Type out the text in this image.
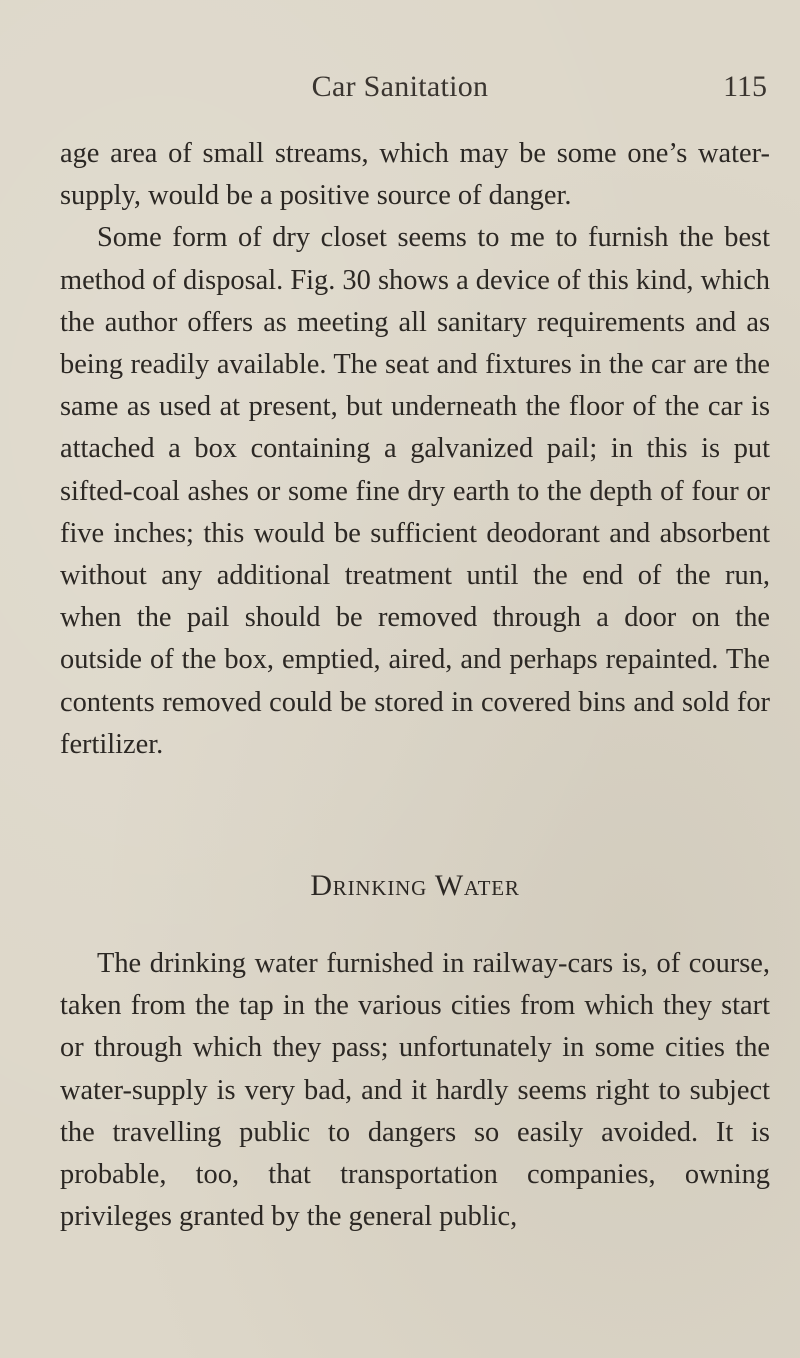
Car Sanitation	115

age area of small streams, which may be some one’s water-supply, would be a positive source of danger.

Some form of dry closet seems to me to furnish the best method of disposal. Fig. 30 shows a device of this kind, which the author offers as meeting all sanitary requirements and as being readily available. The seat and fixtures in the car are the same as used at present, but underneath the floor of the car is attached a box containing a galvanized pail; in this is put sifted-coal ashes or some fine dry earth to the depth of four or five inches; this would be sufficient deodorant and absorbent without any additional treatment until the end of the run, when the pail should be removed through a door on the outside of the box, emptied, aired, and perhaps repainted. The contents removed could be stored in covered bins and sold for fertilizer.

Drinking Water

The drinking water furnished in railway-cars is, of course, taken from the tap in the various cities from which they start or through which they pass; unfortunately in some cities the water-supply is very bad, and it hardly seems right to subject the travelling public to dangers so easily avoided. It is probable, too, that transportation companies, owning privileges granted by the general public,
